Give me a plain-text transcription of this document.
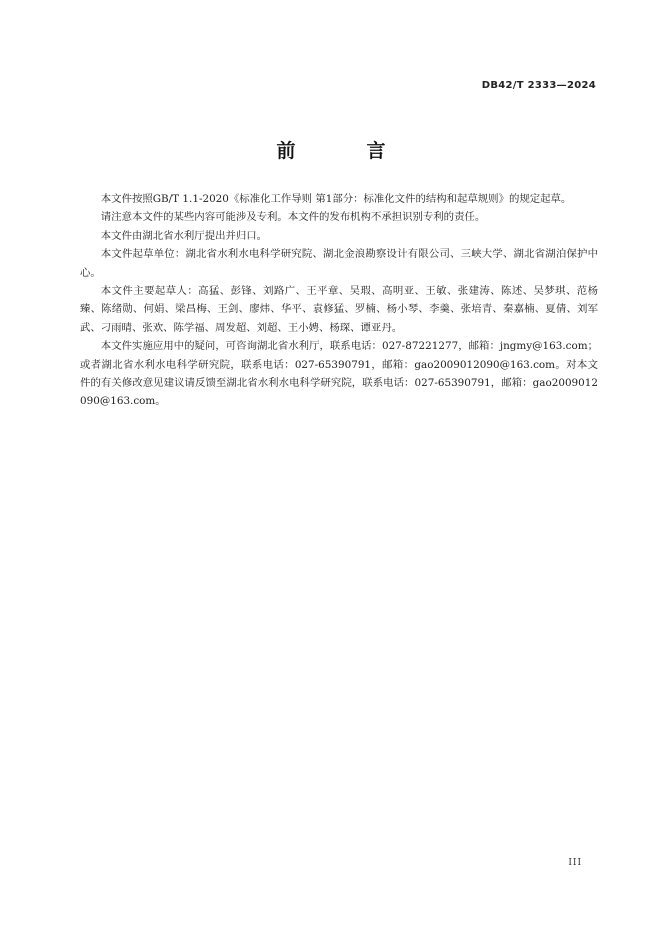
DB42/T 2333—2024
前　言

本文件按照GB/T 1.1-2020《标准化工作导则 第1部分：标准化文件的结构和起草规则》的规定起草。

请注意本文件的某些内容可能涉及专利。本文件的发布机构不承担识别专利的责任。

本文件由湖北省水利厅提出并归口。

本文件起草单位：湖北省水利水电科学研究院、湖北金浪勘察设计有限公司、三峡大学、湖北省湖泊保护中心。

本文件主要起草人：高猛、彭锋、刘路广、王平章、吴瑕、高明亚、王敏、张建涛、陈述、吴梦琪、范杨臻、陈绪勋、何娟、梁昌梅、王剑、廖炜、华平、袁修猛、罗楠、杨小琴、李羹、张培青、秦嘉楠、夏倩、刘军武、刁雨晴、张欢、陈学福、周发超、刘超、王小娉、杨琛、谭亚丹。

本文件实施应用中的疑问，可咨询湖北省水利厅，联系电话：027-87221277，邮箱：jngmy@163.com；或者湖北省水利水电科学研究院，联系电话：027-65390791，邮箱：gao2009012090@163.com。对本文件的有关修改意见建议请反馈至湖北省水利水电科学研究院，联系电话：027-65390791，邮箱：gao2009012090@163.com。

III
